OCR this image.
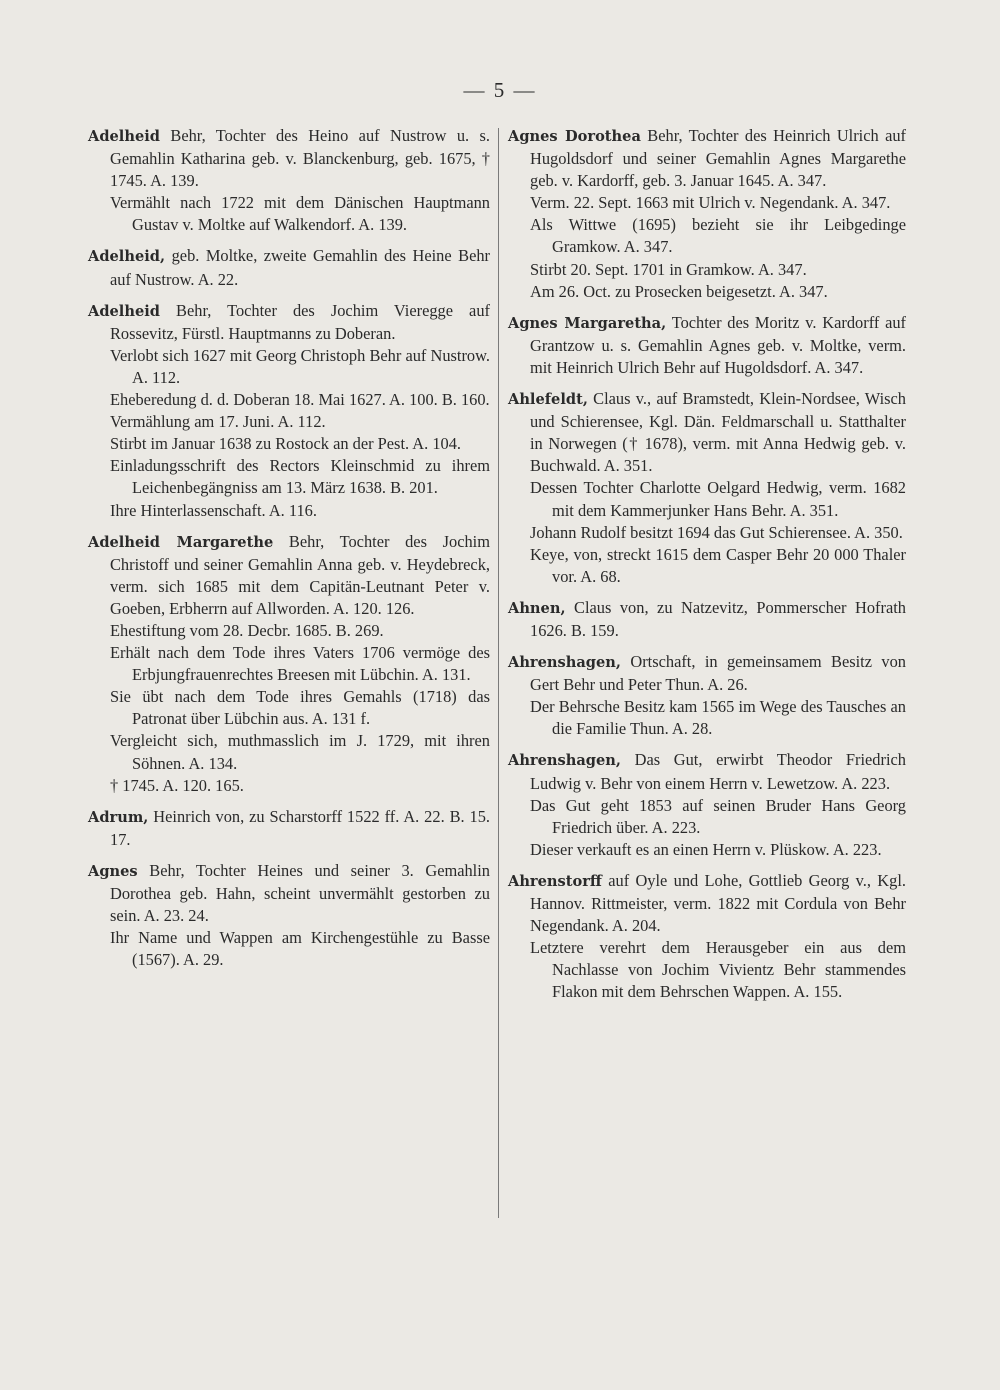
— 5 —

Adelheid Behr, Tochter des Heino auf Nustrow u. s. Gemahlin Katharina geb. v. Blanckenburg, geb. 1675, † 1745. A. 139.

Vermählt nach 1722 mit dem Dänischen Hauptmann Gustav v. Moltke auf Walkendorf. A. 139.

Adelheid, geb. Moltke, zweite Gemahlin des Heine Behr auf Nustrow. A. 22.

Adelheid Behr, Tochter des Jochim Vieregge auf Rossevitz, Fürstl. Hauptmanns zu Doberan.

Verlobt sich 1627 mit Georg Christoph Behr auf Nustrow. A. 112.

Eheberedung d. d. Doberan 18. Mai 1627. A. 100. B. 160.

Vermählung am 17. Juni. A. 112.

Stirbt im Januar 1638 zu Rostock an der Pest. A. 104.

Einladungsschrift des Rectors Kleinschmid zu ihrem Leichenbegängniss am 13. März 1638. B. 201.

Ihre Hinterlassenschaft. A. 116.

Adelheid Margarethe Behr, Tochter des Jochim Christoff und seiner Gemahlin Anna geb. v. Heydebreck, verm. sich 1685 mit dem Capitän-Leutnant Peter v. Goeben, Erbherrn auf Allworden. A. 120. 126.

Ehestiftung vom 28. Decbr. 1685. B. 269.

Erhält nach dem Tode ihres Vaters 1706 vermöge des Erbjungfrauenrechtes Breesen mit Lübchin. A. 131.

Sie übt nach dem Tode ihres Gemahls (1718) das Patronat über Lübchin aus. A. 131 f.

Vergleicht sich, muthmasslich im J. 1729, mit ihren Söhnen. A. 134.

† 1745. A. 120. 165.

Adrum, Heinrich von, zu Scharstorff 1522 ff. A. 22. B. 15. 17.

Agnes Behr, Tochter Heines und seiner 3. Gemahlin Dorothea geb. Hahn, scheint unvermählt gestorben zu sein. A. 23. 24.

Ihr Name und Wappen am Kirchengestühle zu Basse (1567). A. 29.

Agnes Dorothea Behr, Tochter des Heinrich Ulrich auf Hugoldsdorf und seiner Gemahlin Agnes Margarethe geb. v. Kardorff, geb. 3. Januar 1645. A. 347.

Verm. 22. Sept. 1663 mit Ulrich v. Negendank. A. 347.

Als Wittwe (1695) bezieht sie ihr Leibgedinge Gramkow. A. 347.

Stirbt 20. Sept. 1701 in Gramkow. A. 347.

Am 26. Oct. zu Prosecken beigesetzt. A. 347.

Agnes Margaretha, Tochter des Moritz v. Kardorff auf Grantzow u. s. Gemahlin Agnes geb. v. Moltke, verm. mit Heinrich Ulrich Behr auf Hugoldsdorf. A. 347.

Ahlefeldt, Claus v., auf Bramstedt, Klein-Nordsee, Wisch und Schierensee, Kgl. Dän. Feldmarschall u. Statthalter in Norwegen († 1678), verm. mit Anna Hedwig geb. v. Buchwald. A. 351.

Dessen Tochter Charlotte Oelgard Hedwig, verm. 1682 mit dem Kammerjunker Hans Behr. A. 351.

Johann Rudolf besitzt 1694 das Gut Schierensee. A. 350.

Keye, von, streckt 1615 dem Casper Behr 20 000 Thaler vor. A. 68.

Ahnen, Claus von, zu Natzevitz, Pommerscher Hofrath 1626. B. 159.

Ahrenshagen, Ortschaft, in gemeinsamem Besitz von Gert Behr und Peter Thun. A. 26.

Der Behrsche Besitz kam 1565 im Wege des Tausches an die Familie Thun. A. 28.

Ahrenshagen, Das Gut, erwirbt Theodor Friedrich Ludwig v. Behr von einem Herrn v. Lewetzow. A. 223.

Das Gut geht 1853 auf seinen Bruder Hans Georg Friedrich über. A. 223.

Dieser verkauft es an einen Herrn v. Plüskow. A. 223.

Ahrenstorff auf Oyle und Lohe, Gottlieb Georg v., Kgl. Hannov. Rittmeister, verm. 1822 mit Cordula von Behr Negendank. A. 204.

Letztere verehrt dem Herausgeber ein aus dem Nachlasse von Jochim Vivientz Behr stammendes Flakon mit dem Behrschen Wappen. A. 155.
